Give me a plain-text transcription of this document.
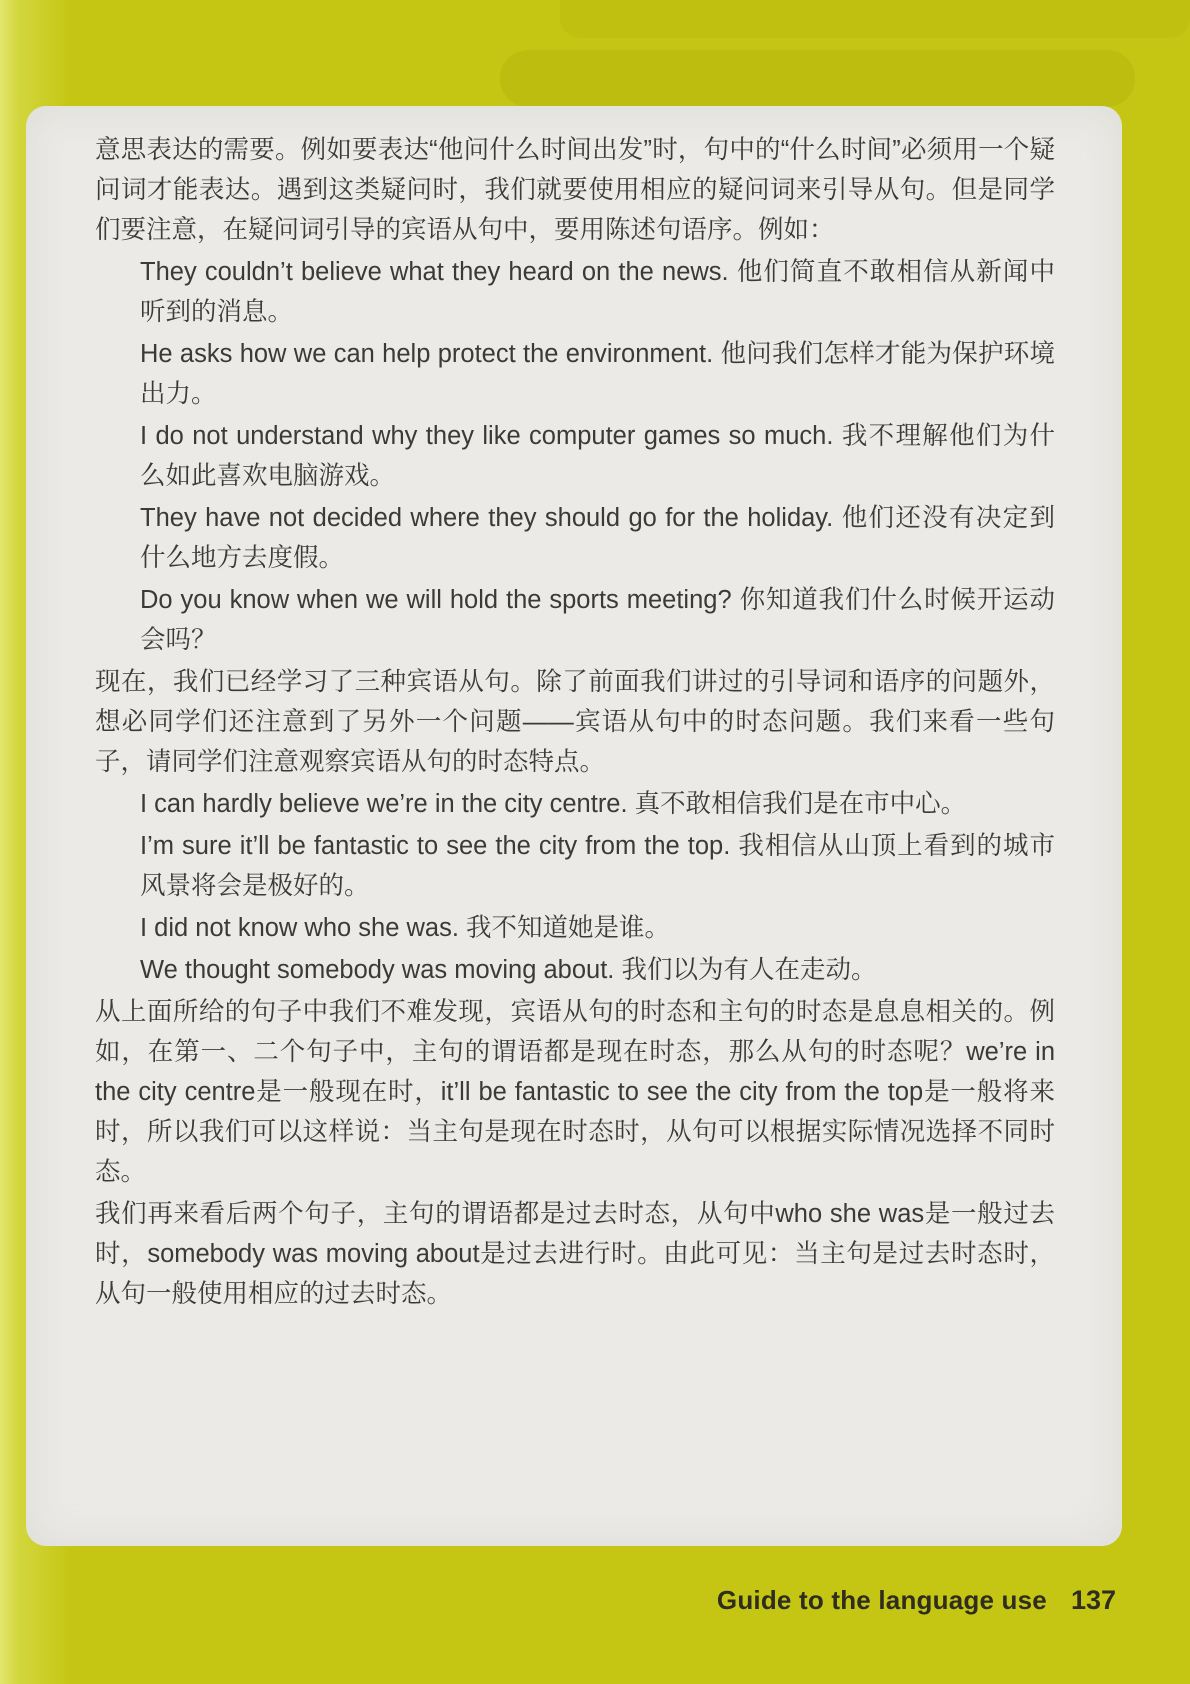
意思表达的需要。例如要表达“他问什么时间出发”时，句中的“什么时间”必须用一个疑问词才能表达。遇到这类疑问时，我们就要使用相应的疑问词来引导从句。但是同学们要注意，在疑问词引导的宾语从句中，要用陈述句语序。例如：

They couldn’t believe what they heard on the news. 他们简直不敢相信从新闻中听到的消息。

He asks how we can help protect the environment. 他问我们怎样才能为保护环境出力。

I do not understand why they like computer games so much. 我不理解他们为什么如此喜欢电脑游戏。

They have not decided where they should go for the holiday. 他们还没有决定到什么地方去度假。

Do you know when we will hold the sports meeting? 你知道我们什么时候开运动会吗？

现在，我们已经学习了三种宾语从句。除了前面我们讲过的引导词和语序的问题外，想必同学们还注意到了另外一个问题——宾语从句中的时态问题。我们来看一些句子，请同学们注意观察宾语从句的时态特点。

I can hardly believe we’re in the city centre. 真不敢相信我们是在市中心。

I’m sure it’ll be fantastic to see the city from the top. 我相信从山顶上看到的城市风景将会是极好的。

I did not know who she was. 我不知道她是谁。

We thought somebody was moving about. 我们以为有人在走动。

从上面所给的句子中我们不难发现，宾语从句的时态和主句的时态是息息相关的。例如，在第一、二个句子中，主句的谓语都是现在时态，那么从句的时态呢？we’re in the city centre是一般现在时，it’ll be fantastic to see the city from the top是一般将来时，所以我们可以这样说：当主句是现在时态时，从句可以根据实际情况选择不同时态。

我们再来看后两个句子，主句的谓语都是过去时态，从句中who she was是一般过去时，somebody was moving about是过去进行时。由此可见：当主句是过去时态时，从句一般使用相应的过去时态。

Guide to the language use 137
